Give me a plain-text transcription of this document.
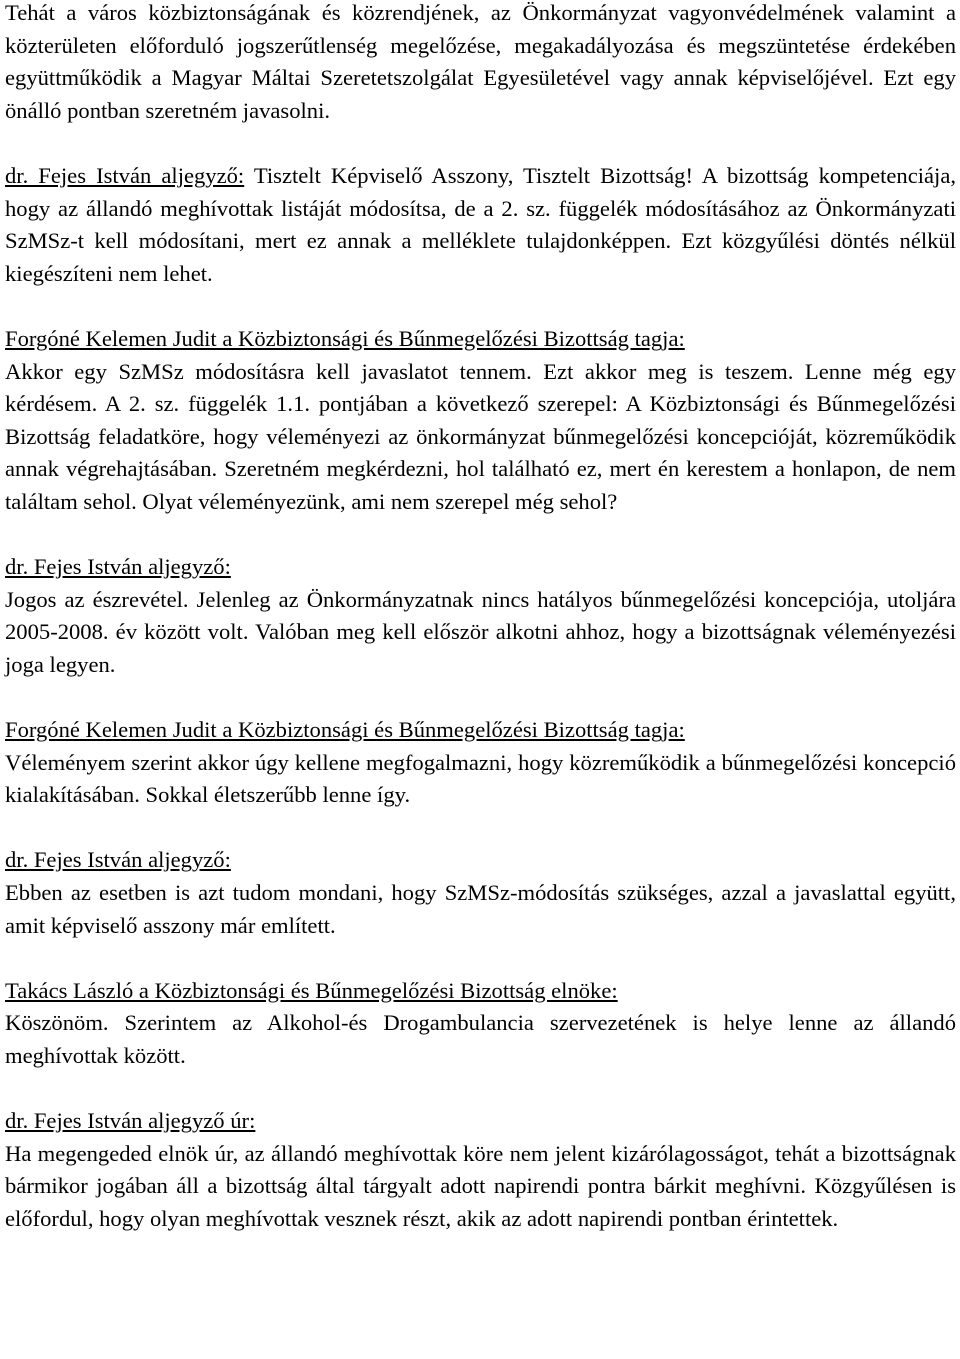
Tehát a város közbiztonságának és közrendjének, az Önkormányzat vagyonvédelmének valamint a közterületen előforduló jogszerűtlenség megelőzése, megakadályozása és megszüntetése érdekében együttműködik a Magyar Máltai Szeretetszolgálat Egyesületével vagy annak képviselőjével. Ezt egy önálló pontban szeretném javasolni.

dr. Fejes István aljegyző: Tisztelt Képviselő Asszony, Tisztelt Bizottság! A bizottság kompetenciája, hogy az állandó meghívottak listáját módosítsa, de a 2. sz. függelék módosításához az Önkormányzati SzMSz-t kell módosítani, mert ez annak a melléklete tulajdonképpen. Ezt közgyűlési döntés nélkül kiegészíteni nem lehet.

Forgóné Kelemen Judit a Közbiztonsági és Bűnmegelőzési Bizottság tagja:
Akkor egy SzMSz módosításra kell javaslatot tennem. Ezt akkor meg is teszem. Lenne még egy kérdésem. A 2. sz. függelék 1.1. pontjában a következő szerepel: A Közbiztonsági és Bűnmegelőzési Bizottság feladatköre, hogy véleményezi az önkormányzat bűnmegelőzési koncepcióját, közreműködik annak végrehajtásában. Szeretném megkérdezni, hol található ez, mert én kerestem a honlapon, de nem találtam sehol. Olyat véleményezünk, ami nem szerepel még sehol?

dr. Fejes István aljegyző:
Jogos az észrevétel. Jelenleg az Önkormányzatnak nincs hatályos bűnmegelőzési koncepciója, utoljára 2005-2008. év között volt. Valóban meg kell először alkotni ahhoz, hogy a bizottságnak véleményezési joga legyen.

Forgóné Kelemen Judit a Közbiztonsági és Bűnmegelőzési Bizottság tagja:
Véleményem szerint akkor úgy kellene megfogalmazni, hogy közreműködik a bűnmegelőzési koncepció kialakításában. Sokkal életszerűbb lenne így.

dr. Fejes István aljegyző:
Ebben az esetben is azt tudom mondani, hogy SzMSz-módosítás szükséges, azzal a javaslattal együtt, amit képviselő asszony már említett.

Takács László a Közbiztonsági és Bűnmegelőzési Bizottság elnöke:
Köszönöm. Szerintem az Alkohol-és Drogambulancia szervezetének is helye lenne az állandó meghívottak között.

dr. Fejes István aljegyző úr:
Ha megengeded elnök úr, az állandó meghívottak köre nem jelent kizárólagosságot, tehát a bizottságnak bármikor jogában áll a bizottság által tárgyalt adott napirendi pontra bárkit meghívni. Közgyűlésen is előfordul, hogy olyan meghívottak vesznek részt, akik az adott napirendi pontban érintettek.
